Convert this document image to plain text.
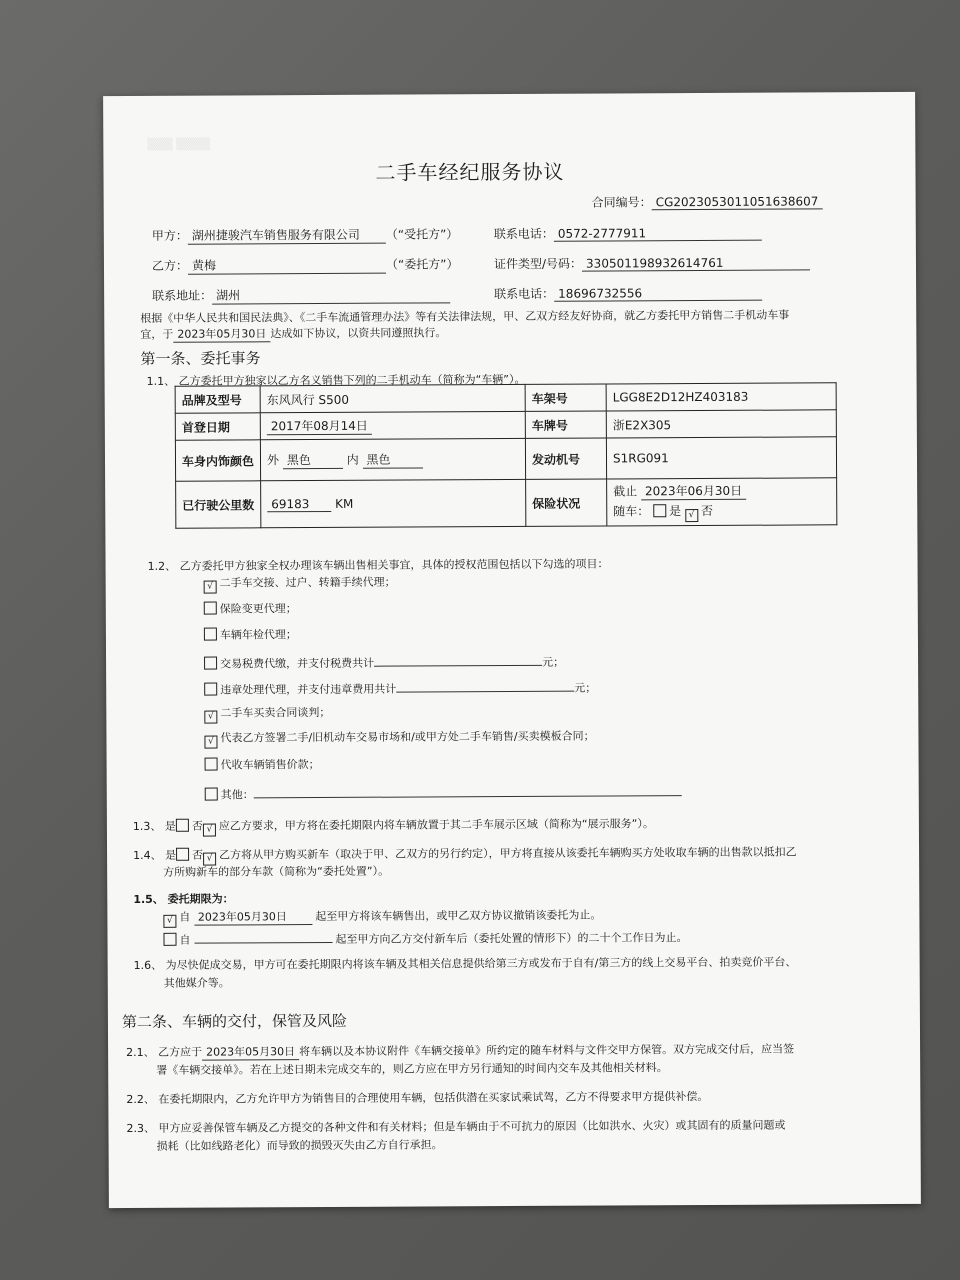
▒▒▒ ▒▒▒▒
二手车经纪服务协议
合同编号： CG2023053011051638607
甲方： 湖州捷骏汽车销售服务有限公司 （“受托方”）	联系电话： 0572-2777911
乙方： 黄梅	（“委托方”）	证件类型/号码： 330501198932614761
联系地址： 湖州	联系电话： 18696732556
根据《中华人民共和国民法典》、《二手车流通管理办法》等有关法律法规，甲、乙双方经友好协商，就乙方委托甲方销售二手机动车事
宜，于 2023年05月30日 达成如下协议，以资共同遵照执行。
第一条、委托事务
1.1、 乙方委托甲方独家以乙方名义销售下列的二手机动车（简称为“车辆”）。
品牌及型号	东风风行 S500	车架号	LGG8E2D12HZ403183
首登日期	2017年08月14日	车牌号	浙E2X305
车身内饰颜色	外 黑色 内 黑色	发动机号	S1RG091
已行驶公里数	69183 KM	保险状况	截止 2023年06月30日
随车： 是 √ 否
1.2、 乙方委托甲方独家全权办理该车辆出售相关事宜，具体的授权范围包括以下勾选的项目：
√ 二手车交接、过户、转籍手续代理；
保险变更代理；
车辆年检代理；
交易税费代缴，并支付税费共计	元；
违章处理代理，并支付违章费用共计	元；
√ 二手车买卖合同谈判；
√ 代表乙方签署二手/旧机动车交易市场和/或甲方处二手车销售/买卖模板合同；
代收车辆销售价款；
其他：
1.3、 是 否 √ 应乙方要求，甲方将在委托期限内将车辆放置于其二手车展示区域（简称为“展示服务”）。
1.4、 是 否 √ 乙方将从甲方购买新车（取决于甲、乙双方的另行约定），甲方将直接从该委托车辆购买方处收取车辆的出售款以抵扣乙
方所购新车的部分车款（简称为“委托处置”）。
1.5、 委托期限为：
√ 自 2023年05月30日	起至甲方将该车辆售出，或甲乙双方协议撤销该委托为止。
自	起至甲方向乙方交付新车后（委托处置的情形下）的二十个工作日为止。
1.6、 为尽快促成交易，甲方可在委托期限内将该车辆及其相关信息提供给第三方或发布于自有/第三方的线上交易平台、拍卖竞价平台、
其他媒介等。
第二条、车辆的交付，保管及风险
2.1、 乙方应于 2023年05月30日 将车辆以及本协议附件《车辆交接单》所约定的随车材料与文件交甲方保管。双方完成交付后，应当签
署《车辆交接单》。若在上述日期未完成交车的，则乙方应在甲方另行通知的时间内交车及其他相关材料。
2.2、 在委托期限内，乙方允许甲方为销售目的合理使用车辆，包括供潜在买家试乘试驾，乙方不得要求甲方提供补偿。
2.3、 甲方应妥善保管车辆及乙方提交的各种文件和有关材料；但是车辆由于不可抗力的原因（比如洪水、火灾）或其固有的质量问题或
损耗（比如线路老化）而导致的损毁灭失由乙方自行承担。
